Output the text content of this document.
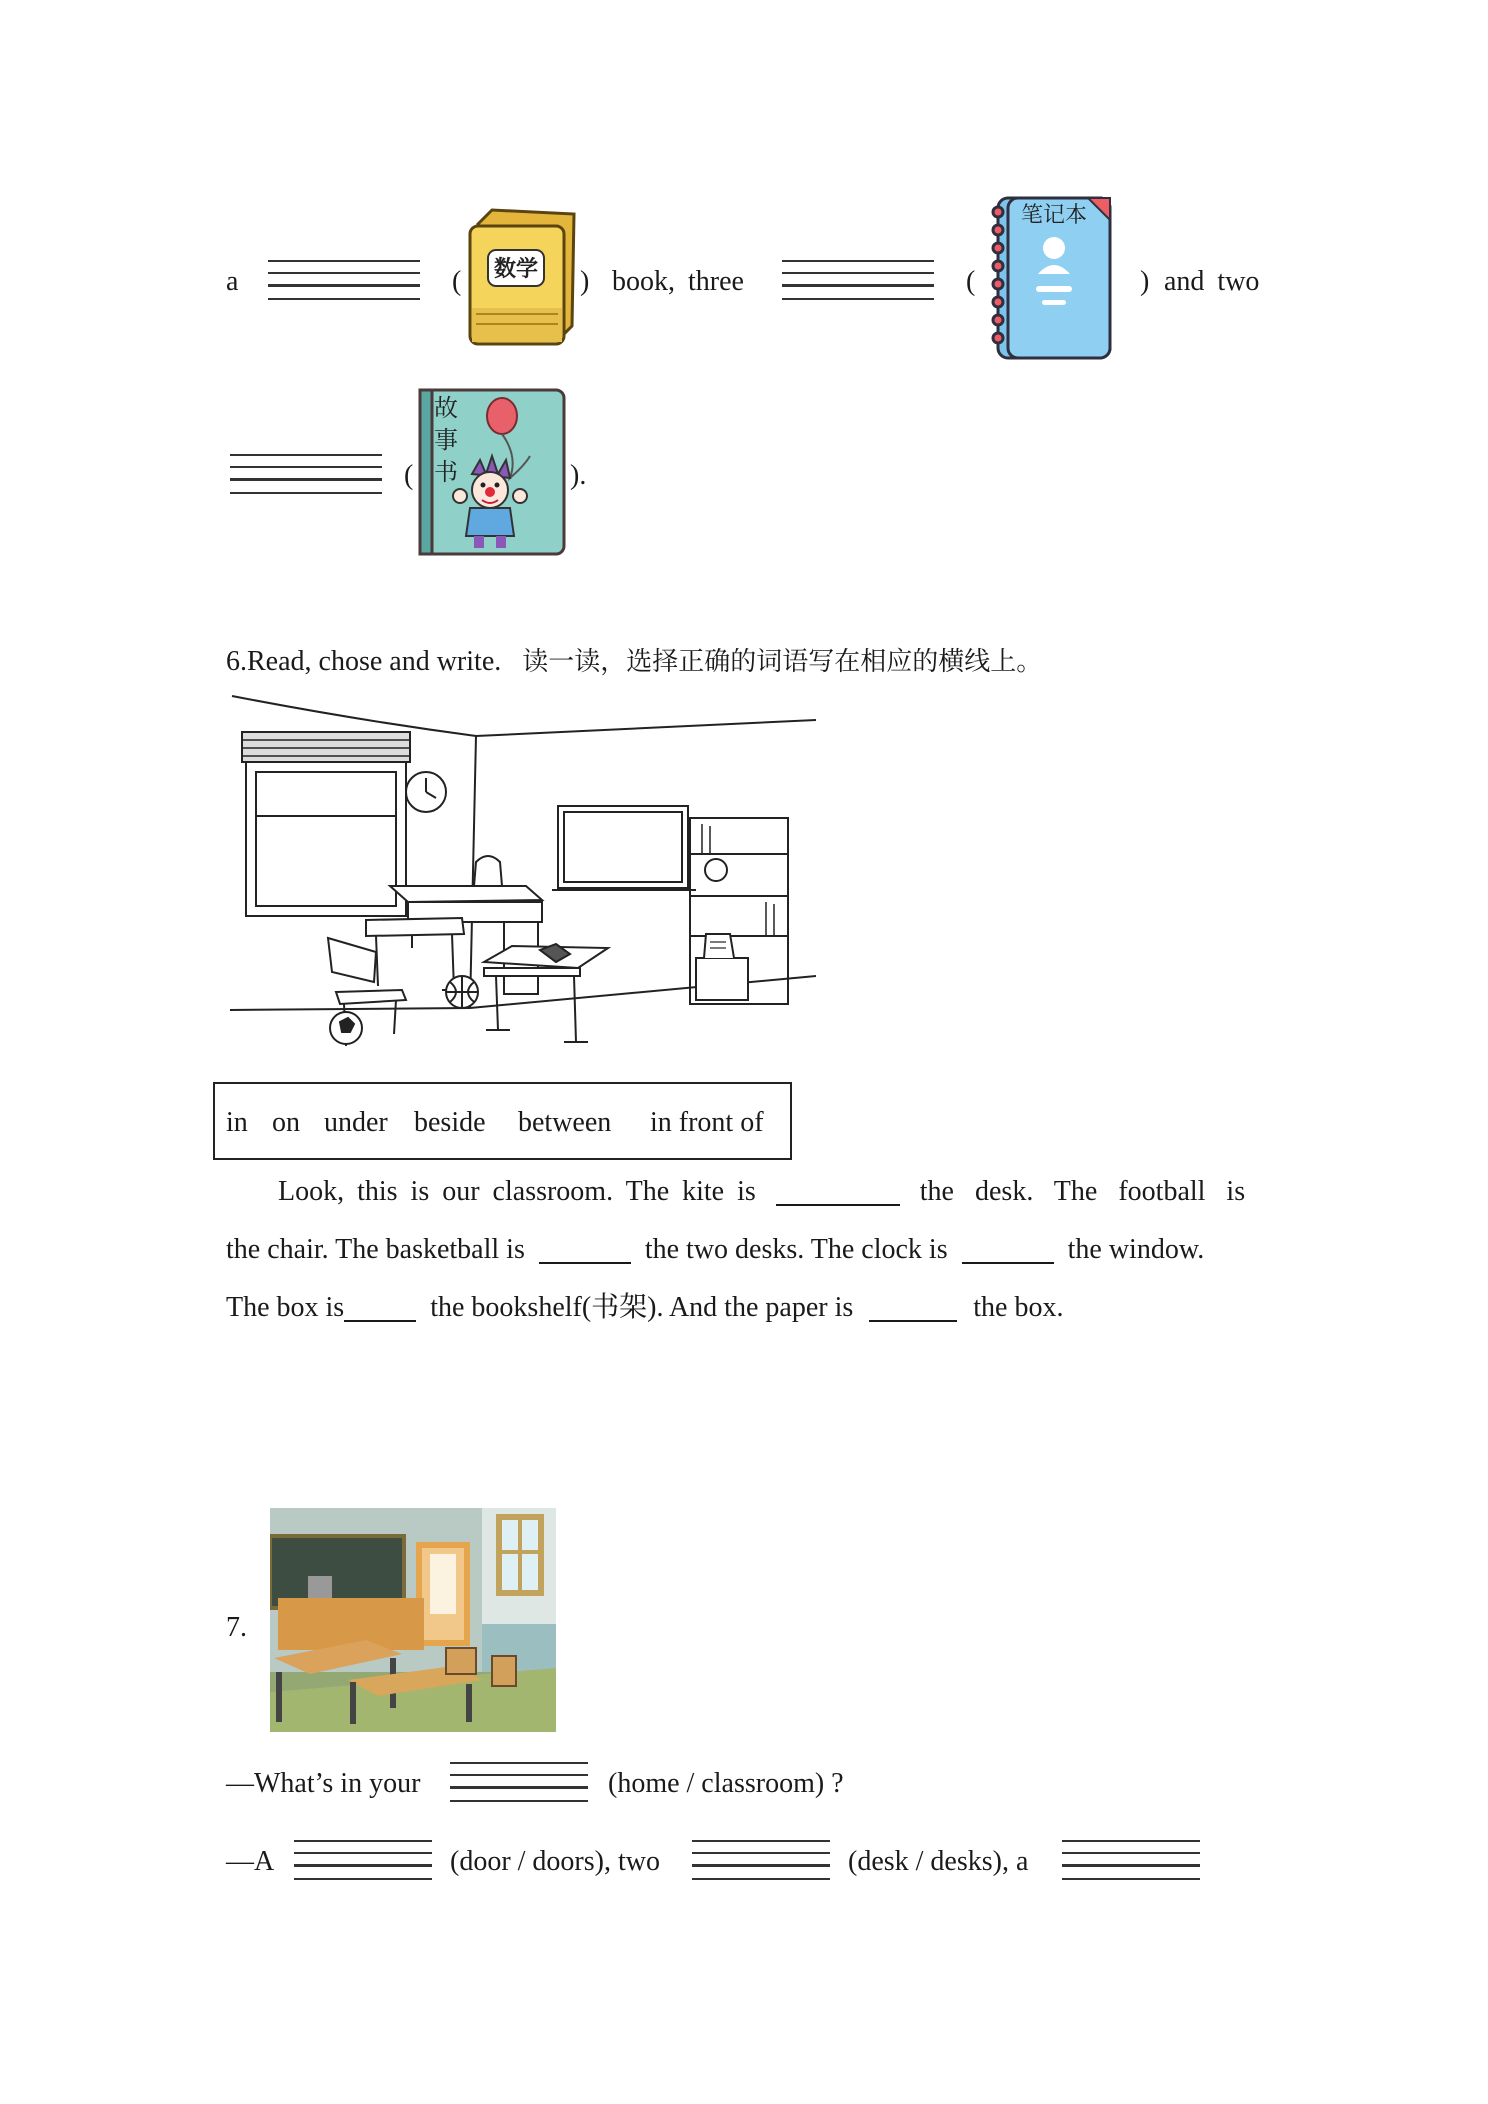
a	( 数学 ) book, three	(
笔记本
) and two
(
故
事
书	).
6.Read, chose and write. 读一读，选择正确的词语写在相应的横线上。
in on under beside between in front of
Look, this is our classroom. The kite is	the desk. The football is
the chair. The basketball is	the two desks. The clock is	the window.
The box is	the bookshelf(书架). And the paper is	the box.
7.
—What’s in your	(home / classroom) ?
—A	(door / doors), two	(desk / desks), a
